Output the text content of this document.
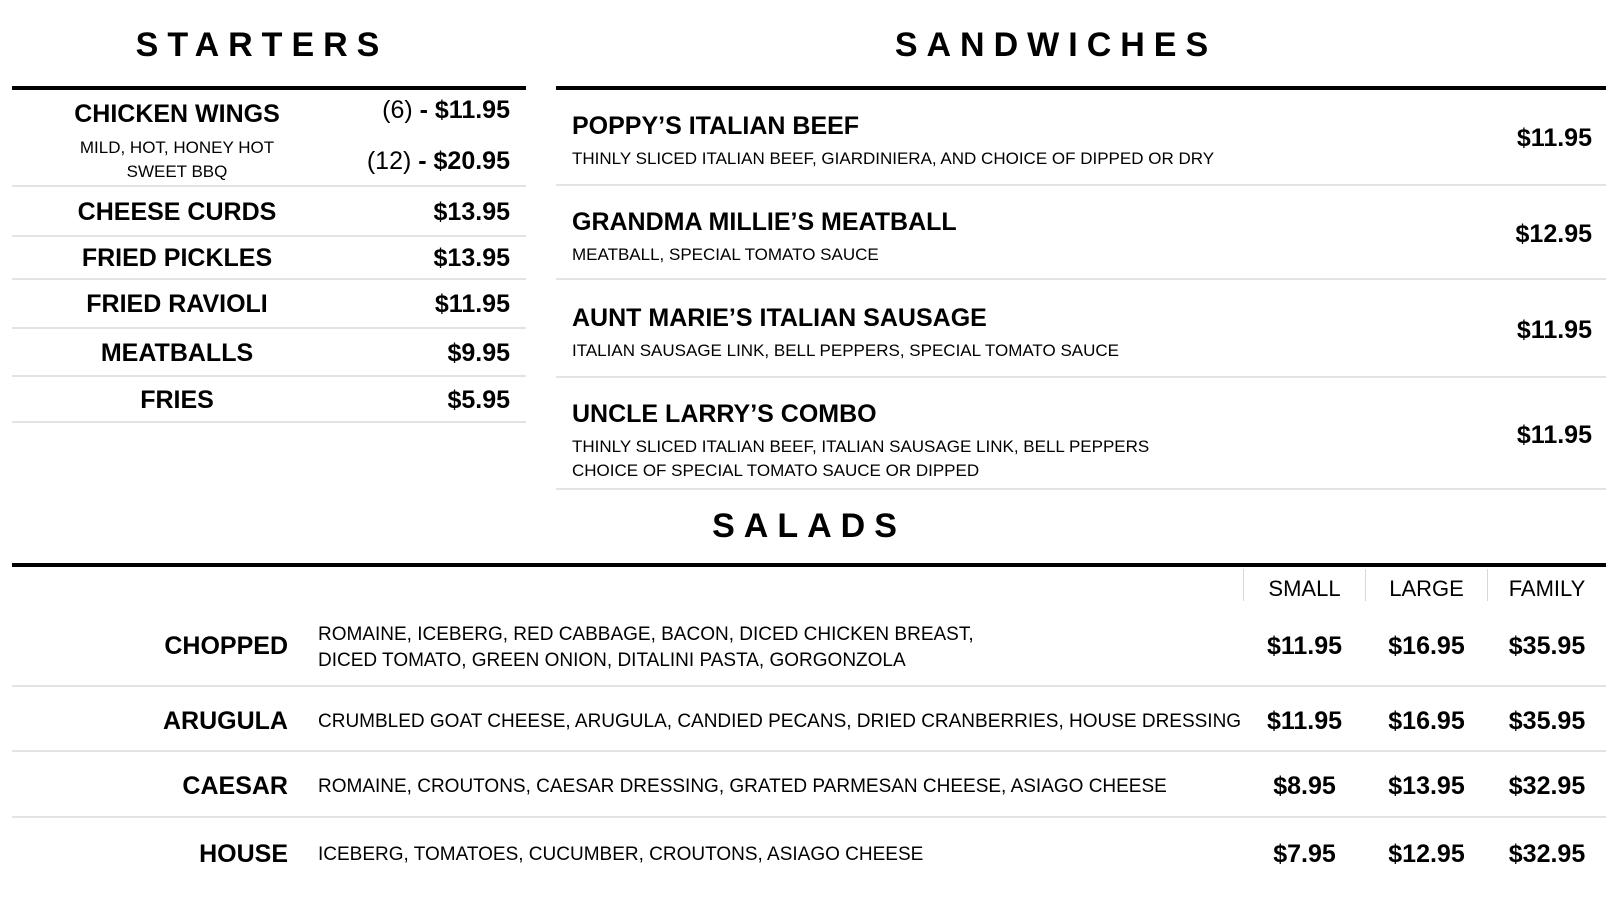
STARTERS
CHICKEN WINGS
MILD, HOT, HONEY HOT
SWEET BBQ
(6) - $11.95
(12) - $20.95
CHEESE CURDS	$13.95
FRIED PICKLES	$13.95
FRIED RAVIOLI	$11.95
MEATBALLS	$9.95
FRIES	$5.95
SANDWICHES
POPPY’S ITALIAN BEEF
THINLY SLICED ITALIAN BEEF, GIARDINIERA, AND CHOICE OF DIPPED OR DRY
$11.95
GRANDMA MILLIE’S MEATBALL
MEATBALL, SPECIAL TOMATO SAUCE
$12.95
AUNT MARIE’S ITALIAN SAUSAGE
ITALIAN SAUSAGE LINK, BELL PEPPERS, SPECIAL TOMATO SAUCE
$11.95
UNCLE LARRY’S COMBO
THINLY SLICED ITALIAN BEEF, ITALIAN SAUSAGE LINK, BELL PEPPERS
CHOICE OF SPECIAL TOMATO SAUCE OR DIPPED
$11.95
SALADS
SMALL	LARGE	FAMILY
CHOPPED ROMAINE, ICEBERG, RED CABBAGE, BACON, DICED CHICKEN BREAST,
DICED TOMATO, GREEN ONION, DITALINI PASTA, GORGONZOLA
$11.95	$16.95	$35.95
ARUGULA CRUMBLED GOAT CHEESE, ARUGULA, CANDIED PECANS, DRIED CRANBERRIES, HOUSE DRESSING	$11.95	$16.95	$35.95
CAESAR ROMAINE, CROUTONS, CAESAR DRESSING, GRATED PARMESAN CHEESE, ASIAGO CHEESE	$8.95	$13.95	$32.95
HOUSE ICEBERG, TOMATOES, CUCUMBER, CROUTONS, ASIAGO CHEESE	$7.95	$12.95	$32.95
